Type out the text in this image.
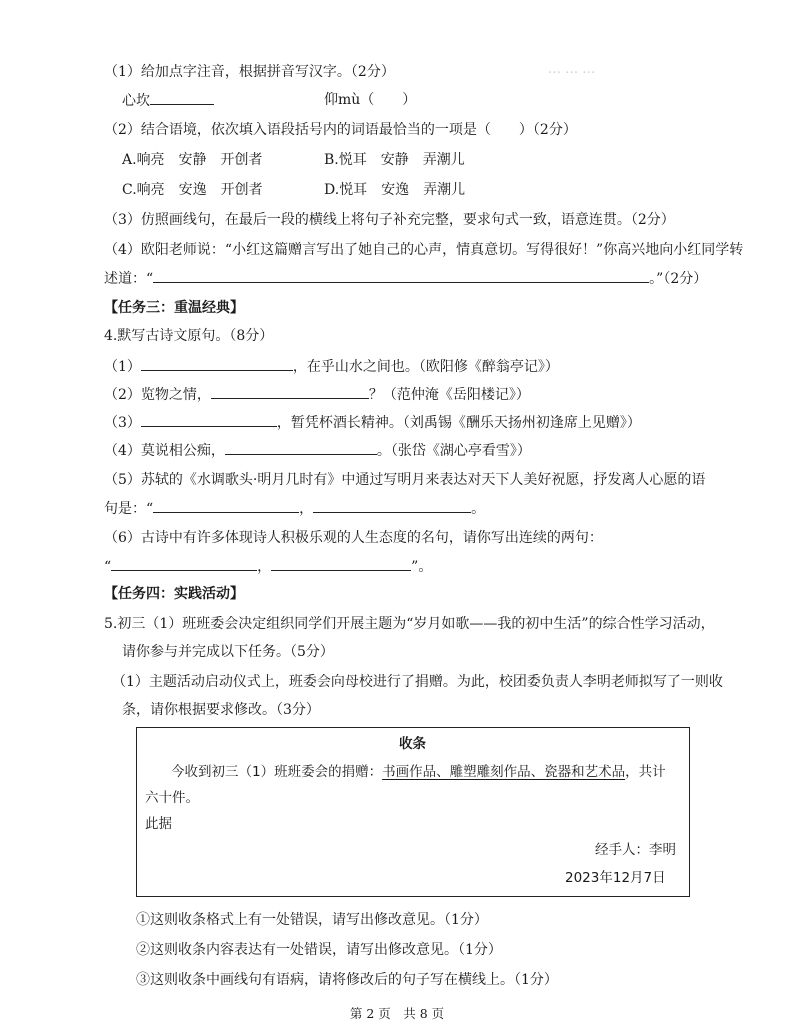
… … …
（1）给加点字注音，根据拼音写汉字。（2分）
心坎	仰mù（　　）
（2）结合语境，依次填入语段括号内的词语最恰当的一项是（　　）（2分）
A.响亮　安静　开创者	B.悦耳　安静　弄潮儿
C.响亮　安逸　开创者	D.悦耳　安逸　弄潮儿
（3）仿照画线句，在最后一段的横线上将句子补充完整，要求句式一致，语意连贯。（2分）
（4）欧阳老师说：“小红这篇赠言写出了她自己的心声，情真意切。写得很好！”你高兴地向小红同学转
述道：“	。”（2分）
【任务三：重温经典】
4.默写古诗文原句。（8分）
（1）	，在乎山水之间也。（欧阳修《醉翁亭记》）
（2）览物之情，	？（范仲淹《岳阳楼记》）
（3）	，暂凭杯酒长精神。（刘禹锡《酬乐天扬州初逢席上见赠》）
（4）莫说相公痴，	。（张岱《湖心亭看雪》）
（5）苏轼的《水调歌头·明月几时有》中通过写明月来表达对天下人美好祝愿，抒发离人心愿的语
句是：“	，	。
（6）古诗中有许多体现诗人积极乐观的人生态度的名句，请你写出连续的两句：
“	，	”。
【任务四：实践活动】
5.初三（1）班班委会决定组织同学们开展主题为“岁月如歌——我的初中生活”的综合性学习活动，
请你参与并完成以下任务。（5分）
（1）主题活动启动仪式上，班委会向母校进行了捐赠。为此，校团委负责人李明老师拟写了一则收
条，请你根据要求修改。（3分）
收条
今收到初三（1）班班委会的捐赠：书画作品、雕塑雕刻作品、瓷器和艺术品，共计
六十件。
此据
经手人：李明
2023年12月7日
①这则收条格式上有一处错误，请写出修改意见。（1分）
②这则收条内容表达有一处错误，请写出修改意见。（1分）
③这则收条中画线句有语病，请将修改后的句子写在横线上。（1分）
第 2 页　共 8 页
